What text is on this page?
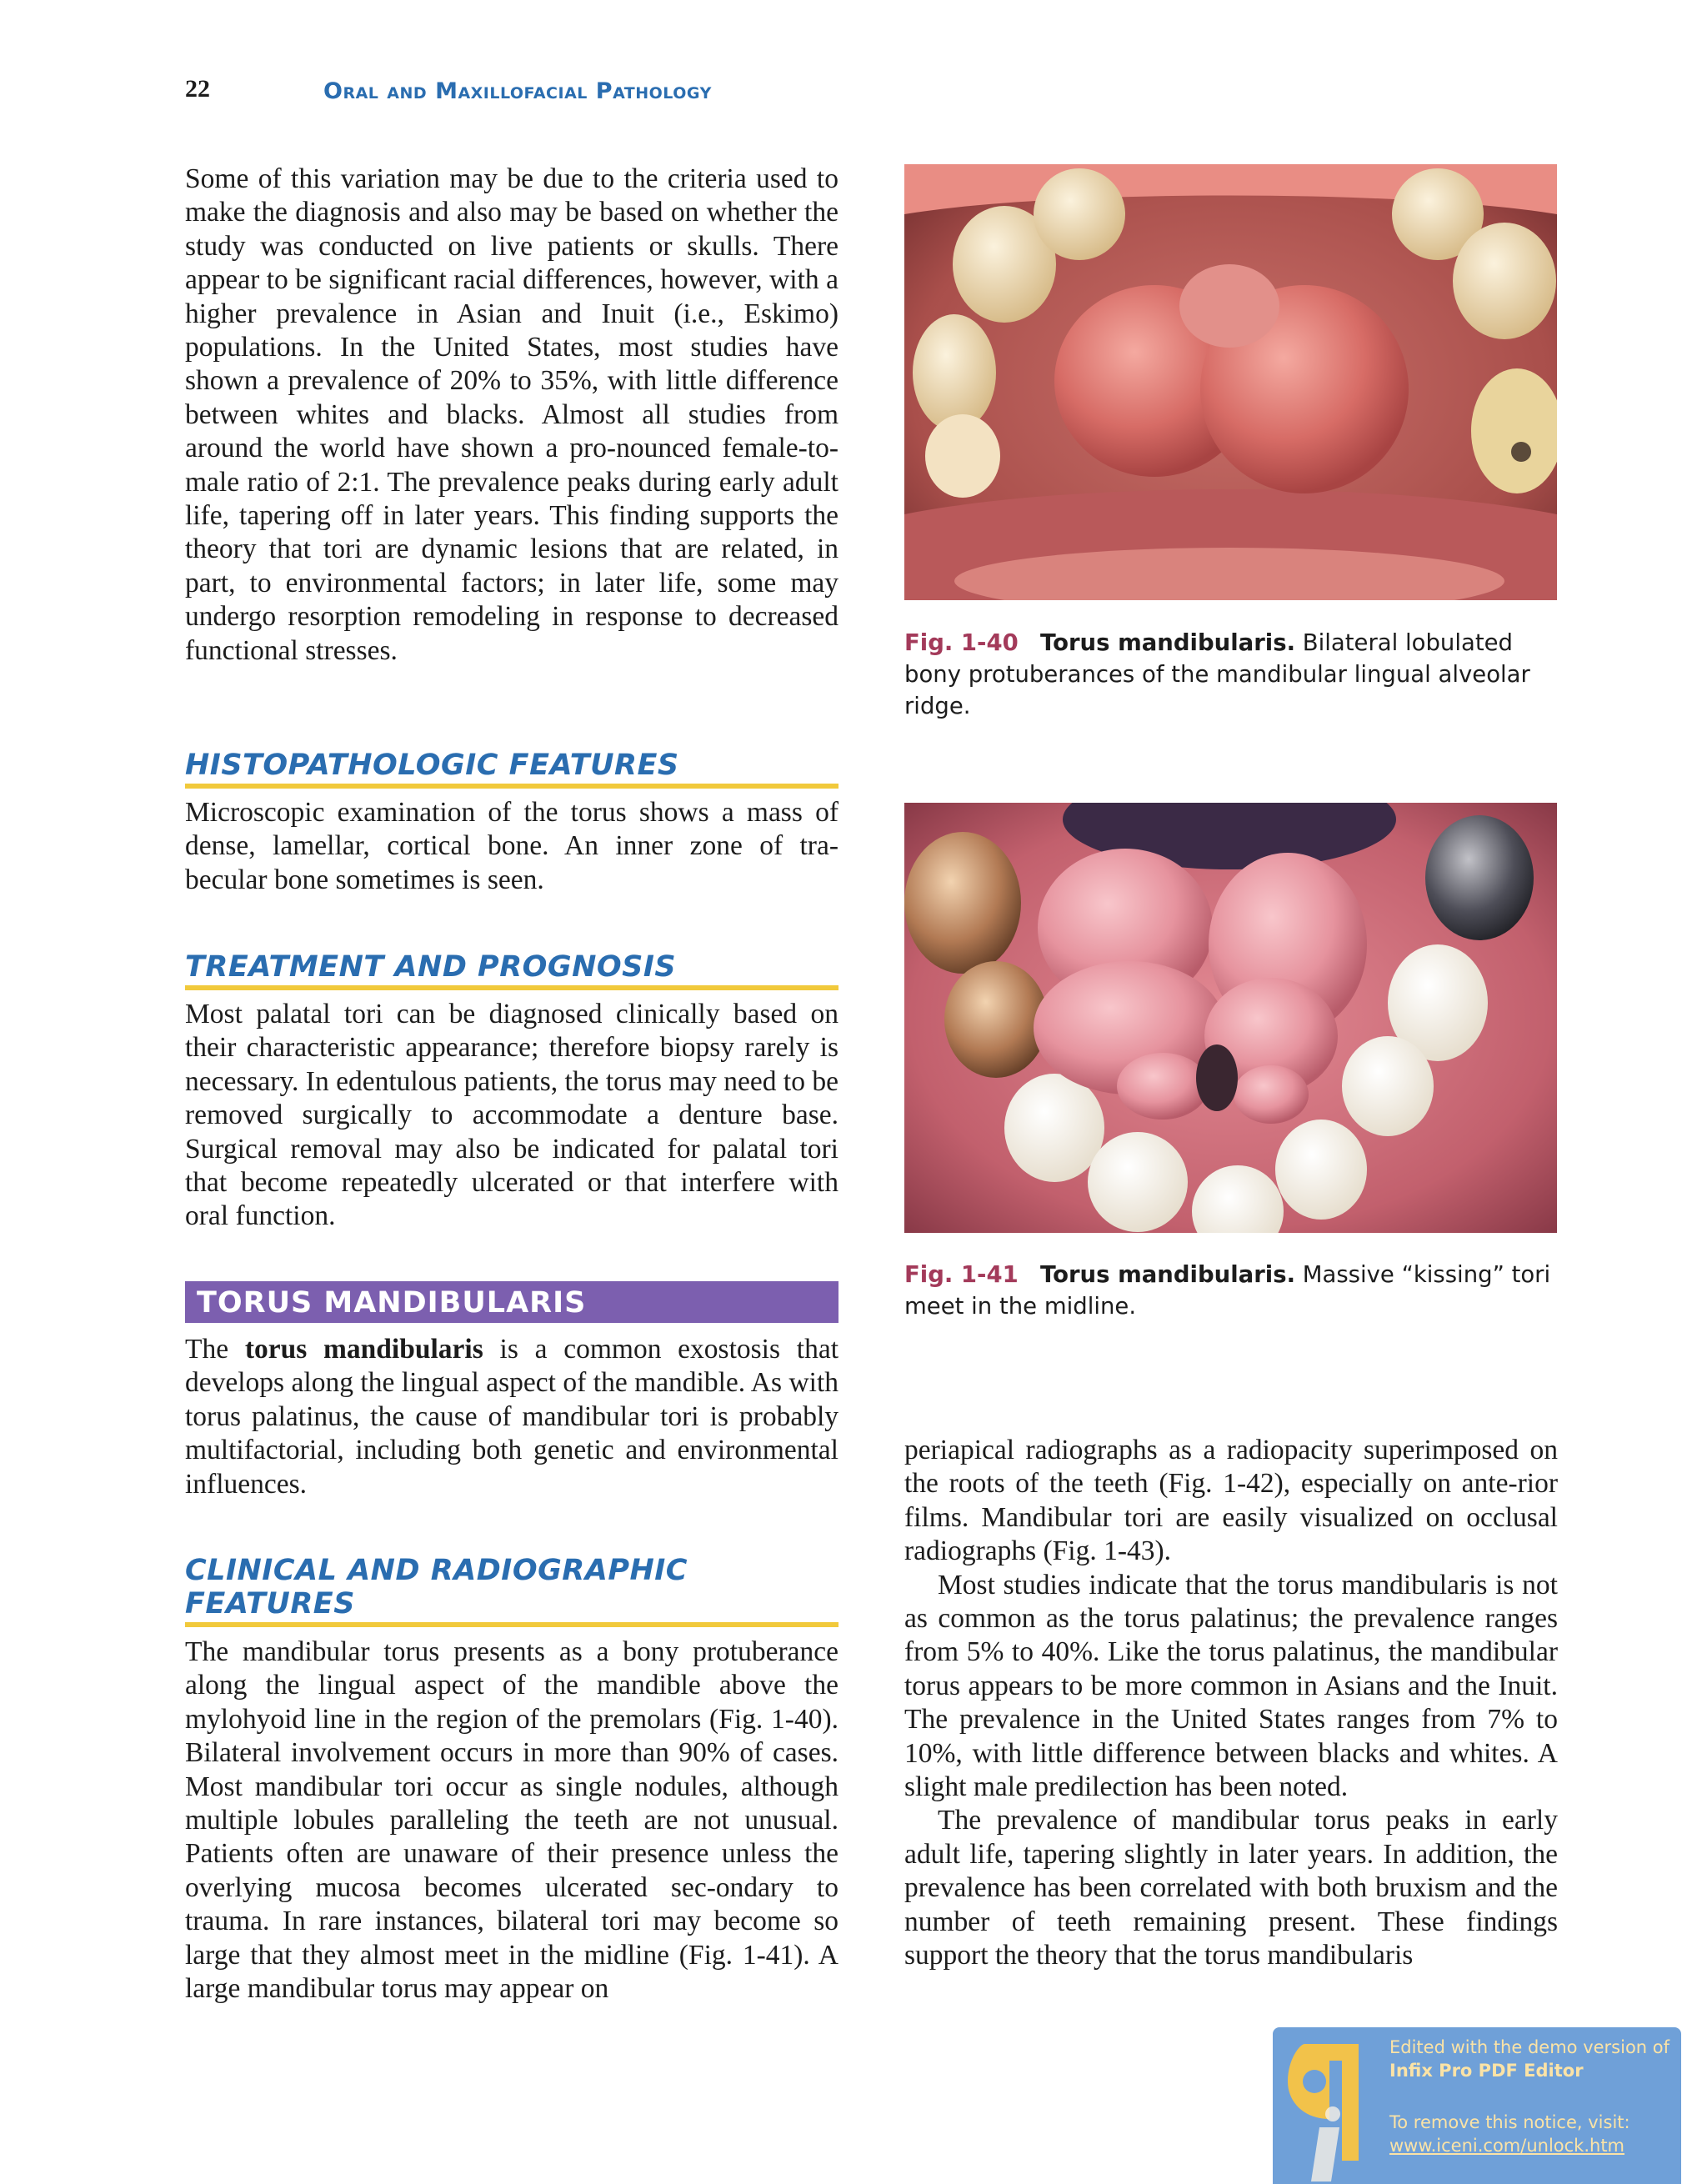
22	Oral and Maxillofacial Pathology

Some of this variation may be due to the criteria used to make the diagnosis and also may be based on whether the study was conducted on live patients or skulls. There appear to be significant racial differences, however, with a higher prevalence in Asian and Inuit (i.e., Eskimo) populations. In the United States, most studies have shown a prevalence of 20% to 35%, with little difference between whites and blacks. Almost all studies from around the world have shown a pro-nounced female-to-male ratio of 2:1. The prevalence peaks during early adult life, tapering off in later years. This finding supports the theory that tori are dynamic lesions that are related, in part, to environmental factors; in later life, some may undergo resorption remodeling in response to decreased functional stresses.

HISTOPATHOLOGIC FEATURES

Microscopic examination of the torus shows a mass of dense, lamellar, cortical bone. An inner zone of tra-becular bone sometimes is seen.

TREATMENT AND PROGNOSIS

Most palatal tori can be diagnosed clinically based on their characteristic appearance; therefore biopsy rarely is necessary. In edentulous patients, the torus may need to be removed surgically to accommodate a denture base. Surgical removal may also be indicated for palatal tori that become repeatedly ulcerated or that interfere with oral function.

TORUS MANDIBULARIS

The torus mandibularis is a common exostosis that develops along the lingual aspect of the mandible. As with torus palatinus, the cause of mandibular tori is probably multifactorial, including both genetic and environmental influences.

CLINICAL AND RADIOGRAPHIC
FEATURES

The mandibular torus presents as a bony protuberance along the lingual aspect of the mandible above the mylohyoid line in the region of the premolars (Fig. 1-40). Bilateral involvement occurs in more than 90% of cases. Most mandibular tori occur as single nodules, although multiple lobules paralleling the teeth are not unusual. Patients often are unaware of their presence unless the overlying mucosa becomes ulcerated sec-ondary to trauma. In rare instances, bilateral tori may become so large that they almost meet in the midline (Fig. 1-41). A large mandibular torus may appear on

Fig. 1-40 Torus mandibularis. Bilateral lobulated bony protuberances of the mandibular lingual alveolar ridge.
Fig. 1-41 Torus mandibularis. Massive “kissing” tori meet in the midline.

periapical radiographs as a radiopacity superimposed on the roots of the teeth (Fig. 1-42), especially on ante-rior films. Mandibular tori are easily visualized on occlusal radiographs (Fig. 1-43).

Most studies indicate that the torus mandibularis is not as common as the torus palatinus; the prevalence ranges from 5% to 40%. Like the torus palatinus, the mandibular torus appears to be more common in Asians and the Inuit. The prevalence in the United States ranges from 7% to 10%, with little difference between blacks and whites. A slight male predilection has been noted.

The prevalence of mandibular torus peaks in early adult life, tapering slightly in later years. In addition, the prevalence has been correlated with both bruxism and the number of teeth remaining present. These findings support the theory that the torus mandibularis

Edited with the demo version of
Infix Pro PDF Editor
To remove this notice, visit:
www.iceni.com/unlock.htm
